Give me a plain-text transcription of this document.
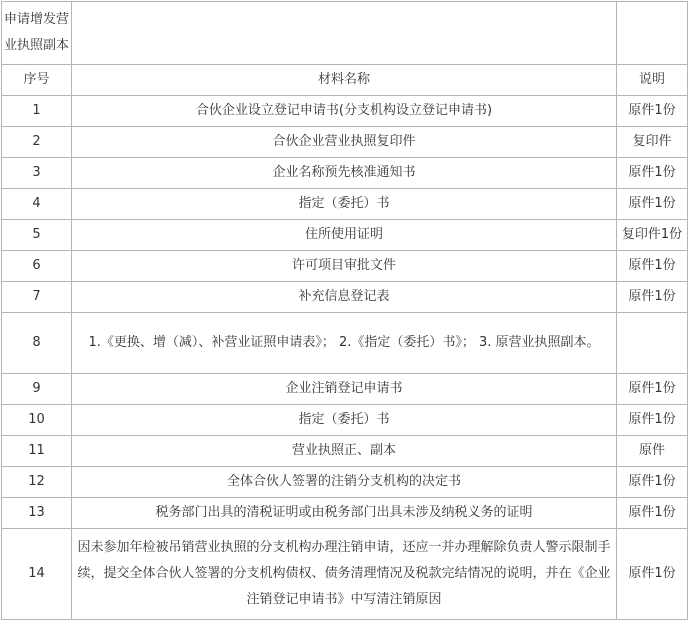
申请增发营业执照副本		

序号	材料名称	说明
1	合伙企业设立登记申请书(分支机构设立登记申请书)	原件1份
2	合伙企业营业执照复印件	复印件
3	企业名称预先核准通知书	原件1份
4	指定（委托）书	原件1份
5	住所使用证明	复印件1份
6	许可项目审批文件	原件1份
7	补充信息登记表	原件1份
8	1.《更换、增（减）、补营业证照申请表》； 2.《指定（委托）书》； 3. 原营业执照副本。	
9	企业注销登记申请书	原件1份
10	指定（委托）书	原件1份
11	营业执照正、副本	原件
12	全体合伙人签署的注销分支机构的决定书	原件1份
13	税务部门出具的清税证明或由税务部门出具未涉及纳税义务的证明	原件1份
14	因未参加年检被吊销营业执照的分支机构办理注销申请，还应一并办理解除负责人警示限制手续，提交全体合伙人签署的分支机构债权、债务清理情况及税款完结情况的说明，并在《企业注销登记申请书》中写清注销原因	原件1份
